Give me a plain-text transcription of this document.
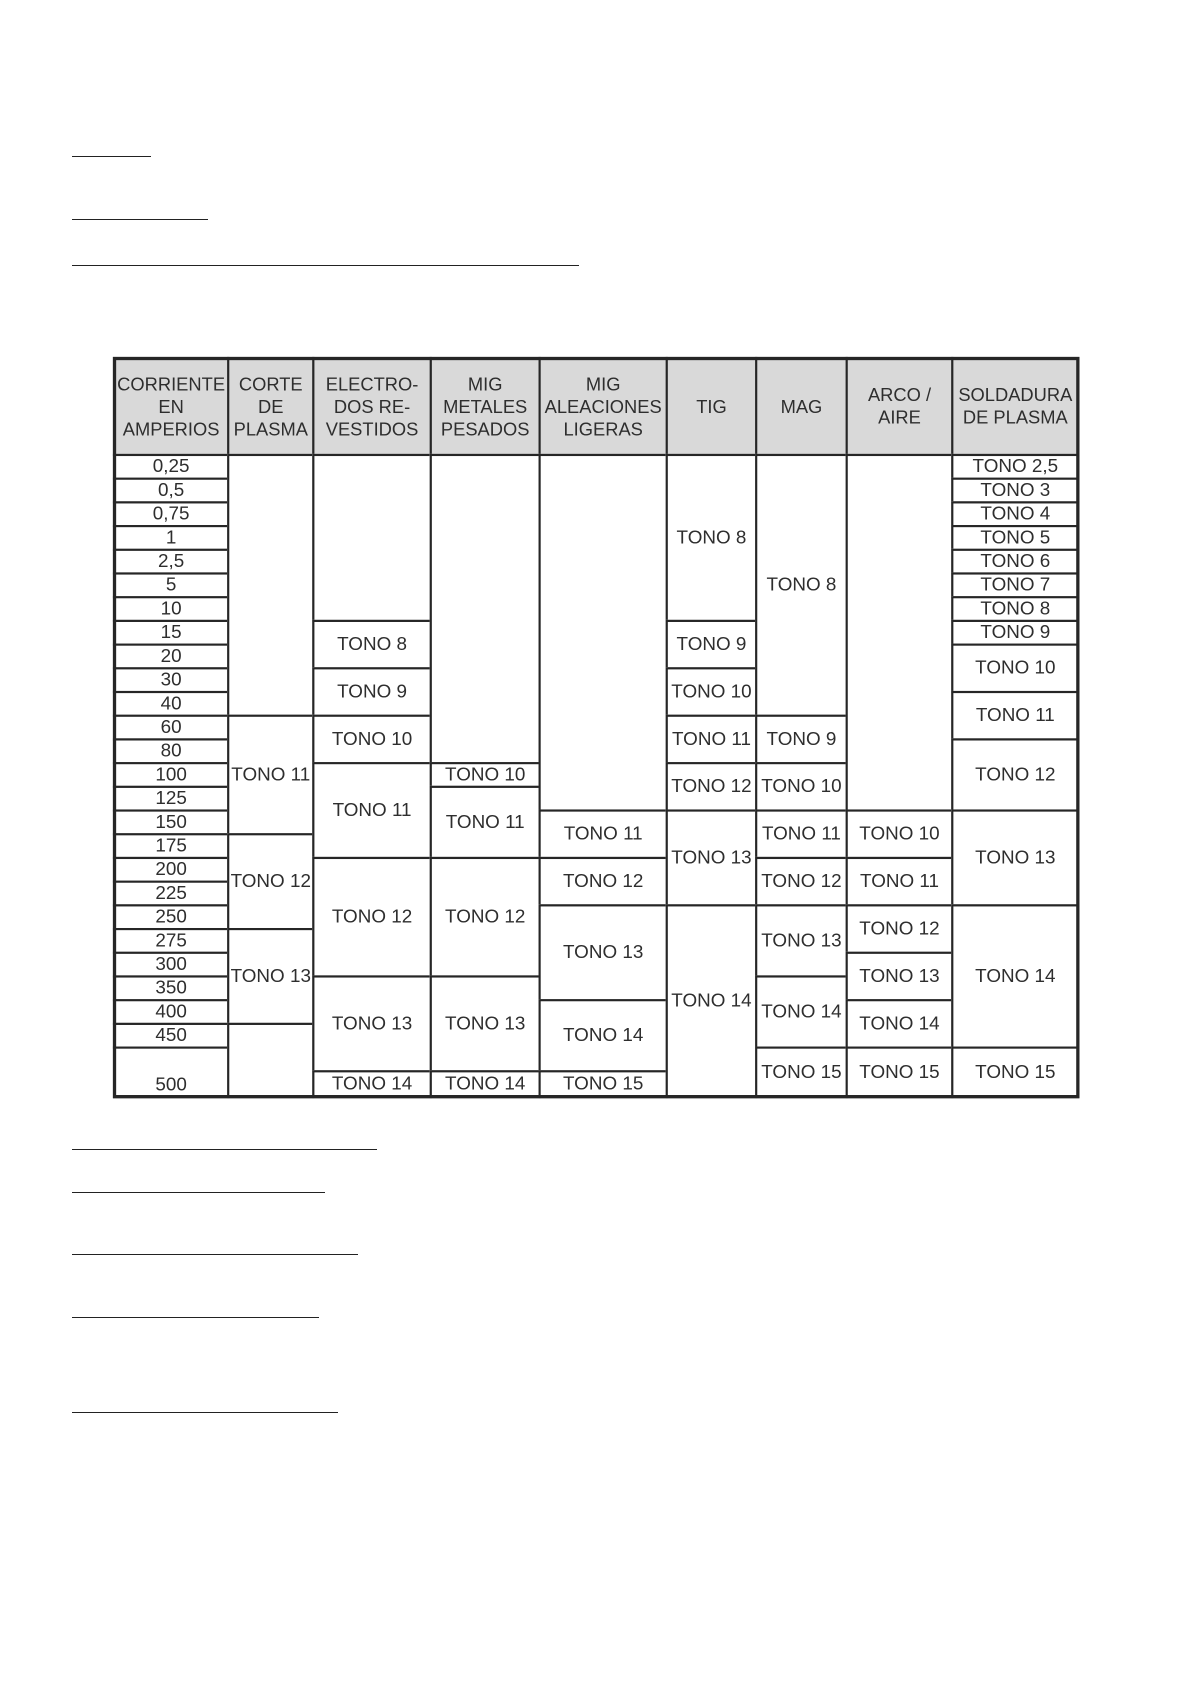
CORRIENTE
EN
AMPERIOS
0,25
0,5
0,75
1
2,5
5
10
15
20
30
40
60
80
100
125
150
175
200
225
250
275
300
350
400
450
500
CORTE
DE
PLASMA
TONO 11
TONO 12
TONO 13
ELECTRO-
DOS RE-
VESTIDOS
TONO 8
TONO 9
TONO 10
TONO 11
TONO 12
TONO 13
TONO 14
MIG
METALES
PESADOS
TONO 10
TONO 11
TONO 12
TONO 13
TONO 14
MIG
ALEACIONES
LIGERAS
TONO 11
TONO 12
TONO 13
TONO 14
TONO 15
TIG
TONO 8
TONO 9
TONO 10
TONO 11
TONO 12
TONO 13
TONO 14
MAG
TONO 8
TONO 9
TONO 10
TONO 11
TONO 12
TONO 13
TONO 14
TONO 15
ARCO /
AIRE
TONO 10
TONO 11
TONO 12
TONO 13
TONO 14
TONO 15
SOLDADURA
DE PLASMA
TONO 2,5
TONO 3
TONO 4
TONO 5
TONO 6
TONO 7
TONO 8
TONO 9
TONO 10
TONO 11
TONO 12
TONO 13
TONO 14
TONO 15
